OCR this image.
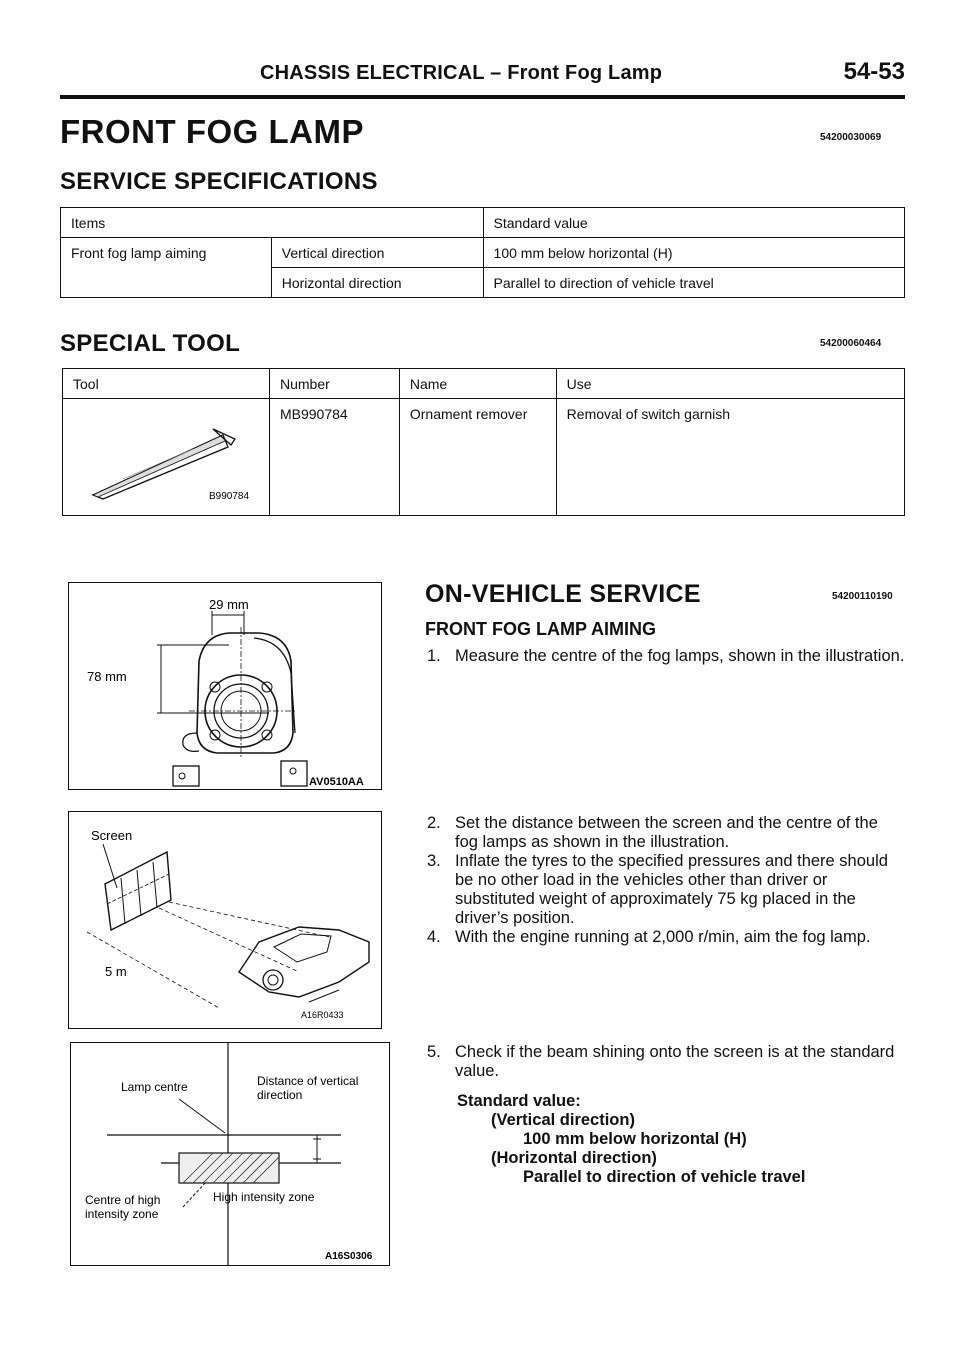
CHASSIS ELECTRICAL – Front Fog Lamp	54-53
FRONT FOG LAMP	54200030069
SERVICE SPECIFICATIONS
Items		Standard value
Front fog lamp aiming	Vertical direction	100 mm below horizontal (H)
	Horizontal direction	Parallel to direction of vehicle travel
SPECIAL TOOL	54200060464
Tool	Number	Name	Use

B990784	MB990784	Ornament remover	Removal of switch garnish
29 mm
78 mm
AV0510AA
Screen
5 m
A16R0433
Lamp centre	Distance of vertical
direction
Centre of high
intensity zone
High intensity zone
A16S0306
ON-VEHICLE SERVICE	54200110190
FRONT FOG LAMP AIMING
1. Measure the centre of the fog lamps, shown in the illustration.
2. Set the distance between the screen and the centre of the fog lamps as shown in the illustration.
3. Inflate the tyres to the specified pressures and there should be no other load in the vehicles other than driver or substituted weight of approximately 75 kg placed in the driver’s position.
4. With the engine running at 2,000 r/min, aim the fog lamp.
5. Check if the beam shining onto the screen is at the standard value.
Standard value:
(Vertical direction)
100 mm below horizontal (H)
(Horizontal direction)
Parallel to direction of vehicle travel
